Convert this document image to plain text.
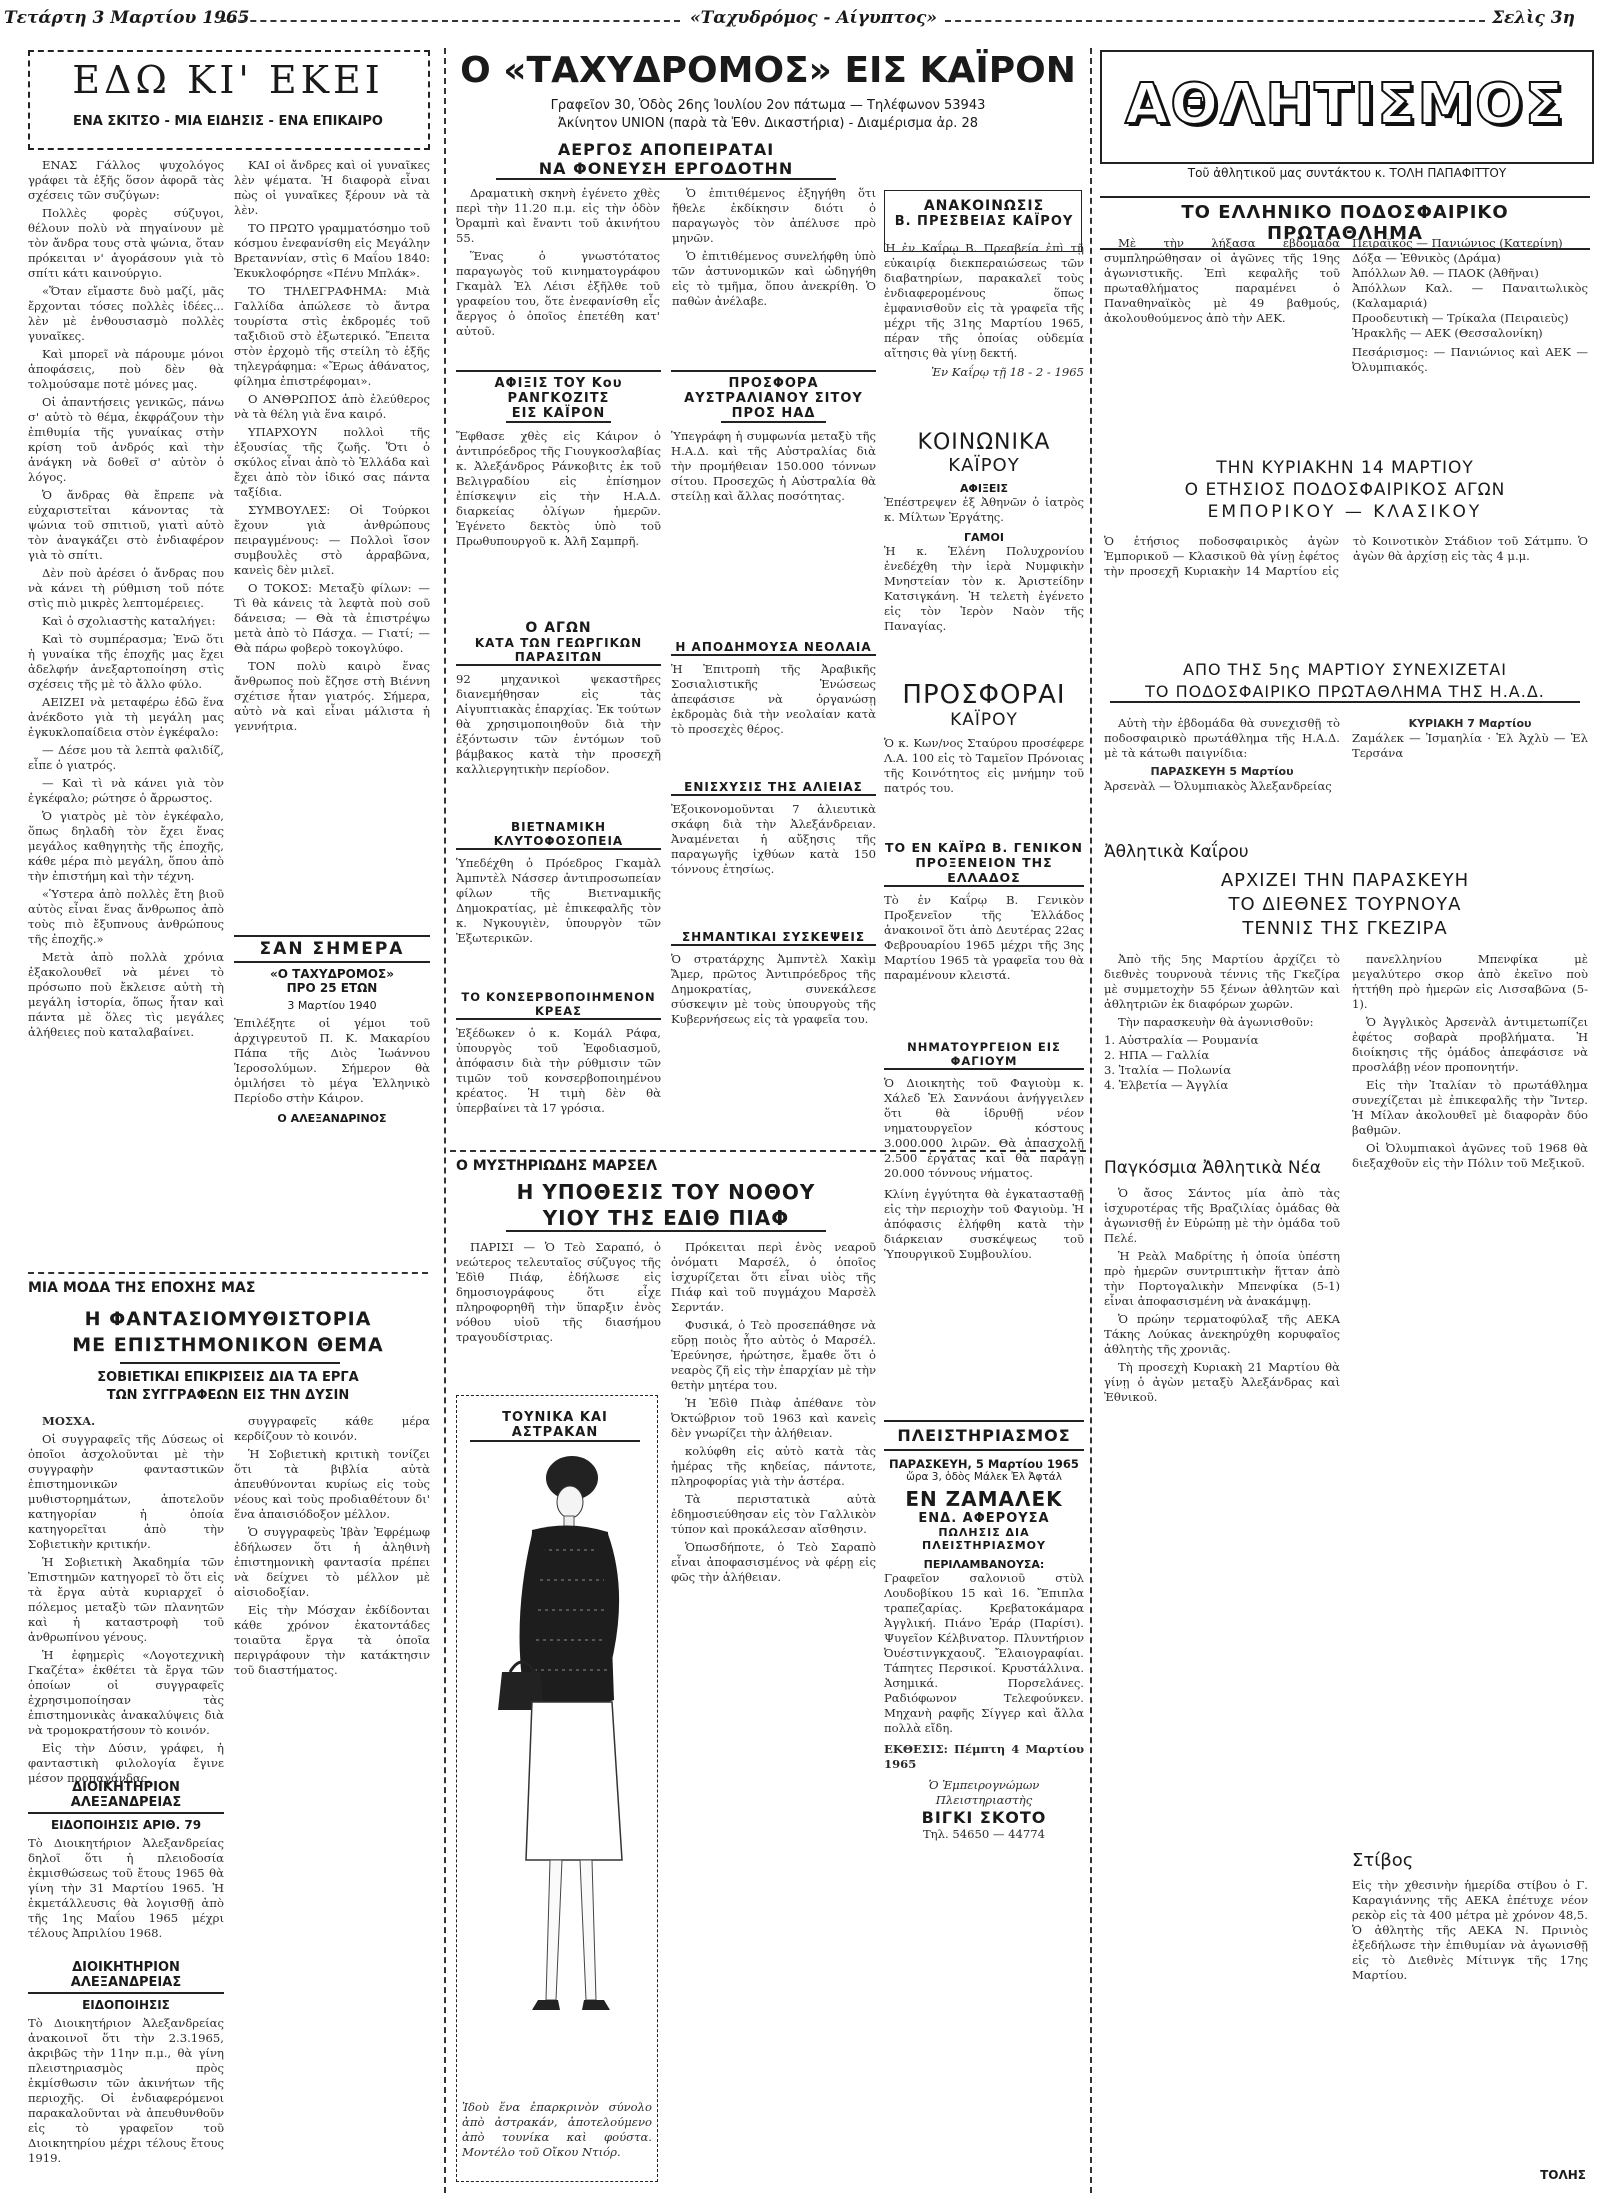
Τετάρτη 3 Μαρτίου 1965	«Ταχυδρόμος - Αίγυπτος»	Σελὶς 3η
ΕΔΩ ΚΙ' ΕΚΕΙ
ΕΝΑ ΣΚΙΤΣΟ - ΜΙΑ ΕΙΔΗΣΙΣ - ΕΝΑ ΕΠΙΚΑΙΡΟ

ΕΝΑΣ Γάλλος ψυχολόγος γράφει τὰ ἑξῆς ὅσον ἀφορᾶ τὰς σχέσεις τῶν συζύγων:

Πολλὲς φορὲς σύζυγοι, θέλουν πολὺ νὰ πηγαίνουν μὲ τὸν ἄνδρα τους στὰ ψώνια, ὅταν πρόκειται ν' ἀγοράσουν γιὰ τὸ σπίτι κάτι καινούργιο.

«Ὅταν εἴμαστε δυὸ μαζί, μᾶς ἔρχονται τόσες πολλὲς ἰδέες... λὲν μὲ ἐνθουσιασμὸ πολλὲς γυναῖκες.

Καὶ μπορεῖ νὰ πάρουμε μόνοι ἀποφάσεις, ποὺ δὲν θὰ τολμούσαμε ποτὲ μόνες μας.

Οἱ ἀπαντήσεις γενικῶς, πάνω σ' αὐτὸ τὸ θέμα, ἐκφράζουν τὴν ἐπιθυμία τῆς γυναίκας στὴν κρίση τοῦ ἀνδρός καὶ τὴν ἀνάγκη νὰ δοθεῖ σ' αὐτὸν ὁ λόγος.

Ὁ ἄνδρας θὰ ἔπρεπε νὰ εὐχαριστεῖται κάνοντας τὰ ψώνια τοῦ σπιτιοῦ, γιατὶ αὐτὸ τὸν ἀναγκάζει στὸ ἐνδιαφέρον γιὰ τὸ σπίτι.

Δὲν ποὺ ἀρέσει ὁ ἄνδρας που νὰ κάνει τὴ ρύθμιση τοῦ πότε στὶς πιὸ μικρὲς λεπτομέρειες.

Καὶ ὁ σχολιαστὴς καταλήγει:

Καὶ τὸ συμπέρασμα; Ἐνῶ ὅτι ἡ γυναίκα τῆς ἐποχῆς μας ἔχει ἀδελφήν ἀνεξαρτοποίηση στὶς σχέσεις τῆς μὲ τὸ ἄλλο φύλο.

ΑΕΙΖΕΙ νὰ μεταφέρω ἐδῶ ἕνα ἀνέκδοτο γιὰ τὴ μεγάλη μας ἐγκυκλοπαίδεια στὸν ἐγκέφαλο:

— Δέσε μου τὰ λεπτὰ φαλιδίζ, εἶπε ὁ γιατρός.

— Καὶ τὶ νὰ κάνει γιὰ τὸν ἐγκέφαλο; ρώτησε ὁ ἄρρωστος.

Ὁ γιατρὸς μὲ τὸν ἐγκέφαλο, ὅπως δηλαδὴ τὸν ἔχει ἕνας μεγάλος καθηγητὴς τῆς ἐποχῆς, κάθε μέρα πιὸ μεγάλη, ὅπου ἀπὸ τὴν ἐπιστήμη καὶ τὴν τέχνη.

«Ὑστερα ἀπὸ πολλὲς ἔτη βιοῦ αὐτὸς εἶναι ἕνας ἄνθρωπος ἀπὸ τοὺς πιὸ ἔξυπνους ἀνθρώπους τῆς ἐποχῆς.»

Μετὰ ἀπὸ πολλὰ χρόνια ἐξακολουθεῖ νὰ μένει τὸ πρόσωπο ποὺ ἔκλεισε αὐτὴ τὴ μεγάλη ἱστορία, ὅπως ἦταν καὶ πάντα μὲ ὅλες τὶς μεγάλες ἀλήθειες ποὺ καταλαβαίνει.

ΚΑΙ οἱ ἄνδρες καὶ οἱ γυναῖκες λὲν ψέματα. Ἡ διαφορὰ εἶναι πὼς οἱ γυναῖκες ξέρουν νὰ τὰ λὲν.

ΤΟ ΠΡΩΤΟ γραμματόσημο τοῦ κόσμου ἐνεφανίσθη εἰς Μεγάλην Βρεταννίαν, στὶς 6 Μαΐου 1840: Ἐκυκλοφόρησε «Πένυ Μπλάκ».

ΤΟ ΤΗΛΕΓΡΑΦΗΜΑ: Μιὰ Γαλλίδα ἀπώλεσε τὸ ἄντρα τουρίστα στὶς ἐκδρομές τοῦ ταξιδιοῦ στὸ ἐξωτερικό. Ἔπειτα στὸν ἐρχομὸ τῆς στείλη τὸ ἑξῆς τηλεγράφημα: «Ἔρως ἀθάνατος, φίλημα ἐπιστρέφομαι».

Ο ΑΝΘΡΩΠΟΣ ἀπὸ ἐλεύθερος νὰ τὰ θέλη γιὰ ἕνα καιρό.

ΥΠΑΡΧΟΥΝ πολλοὶ τῆς ἐξουσίας τῆς ζωῆς. Ὅτι ὁ σκύλος εἶναι ἀπὸ τὸ Ἑλλάδα καὶ ἔχει ἀπὸ τὸν ἰδικό σας πάντα ταξίδια.

ΣΥΜΒΟΥΛΕΣ: Οἱ Τούρκοι ἔχουν γιὰ ἀνθρώπους πειραγμένους: — Πολλοὶ ἴσον συμβουλὲς στὸ ἀρραβῶνα, κανεὶς δὲν μιλεῖ.

Ο ΤΟΚΟΣ: Μεταξὺ φίλων: — Τὶ θὰ κάνεις τὰ λεφτὰ ποὺ σοῦ δάνεισα; — Θὰ τὰ ἐπιστρέψω μετὰ ἀπὸ τὸ Πάσχα. — Γιατί; — Θὰ πάρω φοβερὸ τοκογλύφο.

ΤΟΝ πολὺ καιρὸ ἕνας ἄνθρωπος ποὺ ἔζησε στὴ Βιέννη σχέτισε ἦταν γιατρός. Σήμερα, αὐτὸ νὰ καὶ εἶναι μάλιστα ἡ γεννήτρια.

ΣΑΝ ΣΗΜΕΡΑ
«Ο ΤΑΧΥΔΡΟΜΟΣ»
ΠΡΟ 25 ΕΤΩΝ
3 Μαρτίου 1940
Ἐπιλέξητε οἱ γέμοι τοῦ ἀρχιγρευτοῦ Π. Κ. Μακαρίου Πάπα τῆς Διὸς Ἰωάννου Ἱεροσολύμων. Σήμερον θὰ ὁμιλήσει τὸ μέγα Ἑλληνικὸ Περίοδο στὴν Κάιρον.
Ο ΑΛΕΞΑΝΔΡΙΝΟΣ
ΜΙΑ ΜΟΔΑ ΤΗΣ ΕΠΟΧΗΣ ΜΑΣ
Η ΦΑΝΤΑΣΙΟΜΥΘΙΣΤΟΡΙΑ
ΜΕ ΕΠΙΣΤΗΜΟΝΙΚΟΝ ΘΕΜΑ
ΣΟΒΙΕΤΙΚΑΙ ΕΠΙΚΡΙΣΕΙΣ ΔΙΑ ΤΑ ΕΡΓΑ
ΤΩΝ ΣΥΓΓΡΑΦΕΩΝ ΕΙΣ ΤΗΝ ΔΥΣΙΝ

ΜΟΣΧΑ.

Οἱ συγγραφεῖς τῆς Δύσεως οἱ ὁποῖοι ἀσχολοῦνται μὲ τὴν συγγραφὴν φανταστικῶν ἐπιστημονικῶν μυθιστορημάτων, ἀποτελοῦν κατηγορίαν ἡ ὁποία κατηγορεῖται ἀπὸ τὴν Σοβιετικὴν κριτικήν.

Ἡ Σοβιετικὴ Ἀκαδημία τῶν Ἐπιστημῶν κατηγορεῖ τὸ ὅτι εἰς τὰ ἔργα αὐτὰ κυριαρχεῖ ὁ πόλεμος μεταξὺ τῶν πλανητῶν καὶ ἡ καταστροφὴ τοῦ ἀνθρωπίνου γένους.

Ἡ ἐφημερὶς «Λογοτεχνικὴ Γκαζέτα» ἐκθέτει τὰ ἔργα τῶν ὁποίων οἱ συγγραφεῖς ἐχρησιμοποίησαν τὰς ἐπιστημονικὰς ἀνακαλύψεις διὰ νὰ τρομοκρατήσουν τὸ κοινόν.

Εἰς τὴν Δύσιν, γράφει, ἡ φανταστικὴ φιλολογία ἔγινε μέσον προπαγάνδας.

συγγραφεῖς κάθε μέρα κερδίζουν τὸ κοινόν.

Ἡ Σοβιετικὴ κριτικὴ τονίζει ὅτι τὰ βιβλία αὐτὰ ἀπευθύνονται κυρίως εἰς τοὺς νέους καὶ τοὺς προδιαθέτουν δι' ἕνα ἀπαισιόδοξον μέλλον.

Ὁ συγγραφεὺς Ἰβὰν Ἐφρέμωφ ἐδήλωσεν ὅτι ἡ ἀληθινὴ ἐπιστημονικὴ φαντασία πρέπει νὰ δείχνει τὸ μέλλον μὲ αἰσιοδοξίαν.

Εἰς τὴν Μόσχαν ἐκδίδονται κάθε χρόνον ἑκατοντάδες τοιαῦτα ἔργα τὰ ὁποῖα περιγράφουν τὴν κατάκτησιν τοῦ διαστήματος.

ΔΙΟΙΚΗΤΗΡΙΟΝ ΑΛΕΞΑΝΔΡΕΙΑΣ
ΕΙΔΟΠΟΙΗΣΙΣ ΑΡΙΘ. 79
Τὸ Διοικητήριον Ἀλεξανδρείας δηλοῖ ὅτι ἡ πλειοδοσία ἐκμισθώσεως τοῦ ἔτους 1965 θὰ γίνη τὴν 31 Μαρτίου 1965. Ἡ ἐκμετάλλευσις θὰ λογισθῇ ἀπὸ τῆς 1ης Μαΐου 1965 μέχρι τέλους Ἀπριλίου 1968.
ΔΙΟΙΚΗΤΗΡΙΟΝ ΑΛΕΞΑΝΔΡΕΙΑΣ
ΕΙΔΟΠΟΙΗΣΙΣ
Τὸ Διοικητήριον Ἀλεξανδρείας ἀνακοινοῖ ὅτι τὴν 2.3.1965, ἀκριβῶς τὴν 11ην π.μ., θὰ γίνη πλειστηριασμὸς πρὸς ἐκμίσθωσιν τῶν ἀκινήτων τῆς περιοχῆς. Οἱ ἐνδιαφερόμενοι παρακαλοῦνται νὰ ἀπευθυνθοῦν εἰς τὸ γραφεῖον τοῦ Διοικητηρίου μέχρι τέλους ἔτους 1919.
Ο «ΤΑΧΥΔΡΟΜΟΣ» ΕΙΣ ΚΑΪΡΟΝ
Γραφεῖον 30, Ὁδὸς 26ης Ἰουλίου 2ον πάτωμα — Τηλέφωνον 53943
Ἀκίνητον UNION (παρὰ τὰ Ἐθν. Δικαστήρια) - Διαμέρισμα ἀρ. 28
ΑΕΡΓΟΣ ΑΠΟΠΕΙΡΑΤΑΙ
ΝΑ ΦΟΝΕΥΣΗ ΕΡΓΟΔΟΤΗΝ

Δραματικὴ σκηνὴ ἐγένετο χθὲς περὶ τὴν 11.20 π.μ. εἰς τὴν ὁδὸν Ὀραμπὶ καὶ ἔναντι τοῦ ἀκινήτου 55.

Ἕνας ὁ γνωστότατος παραγωγὸς τοῦ κινηματογράφου Γκαμὰλ Ἐλ Λέισι ἐξῆλθε τοῦ γραφείου του, ὅτε ἐνεφανίσθη εἷς ἄεργος ὁ ὁποῖος ἐπετέθη κατ' αὐτοῦ.

Ὁ ἐπιτιθέμενος ἐξηγήθη ὅτι ἤθελε ἐκδίκησιν διότι ὁ παραγωγὸς τὸν ἀπέλυσε πρὸ μηνῶν.

Ὁ ἐπιτιθέμενος συνελήφθη ὑπὸ τῶν ἀστυνομικῶν καὶ ὡδηγήθη εἰς τὸ τμῆμα, ὅπου ἀνεκρίθη. Ὁ παθὼν ἀνέλαβε.

ΑΦΙΞΙΣ ΤΟΥ Κου ΡΑΝΓΚΟΖΙΤΣ
ΕΙΣ ΚΑΪΡΟΝ
Ἔφθασε χθὲς εἰς Κάιρον ὁ ἀντιπρόεδρος τῆς Γιουγκοσλαβίας κ. Ἀλεξάνδρος Ράνκοβιτς ἐκ τοῦ Βελιγραδίου εἰς ἐπίσημον ἐπίσκεψιν εἰς τὴν Η.Α.Δ. διαρκείας ὀλίγων ἡμερῶν. Ἐγένετο δεκτὸς ὑπὸ τοῦ Πρωθυπουργοῦ κ. Ἀλῆ Σαμπρῆ.
ΠΡΟΣΦΟΡΑ ΑΥΣΤΡΑΛΙΑΝΟΥ ΣΙΤΟΥ
ΠΡΟΣ ΗΑΔ
Ὑπεγράφη ἡ συμφωνία μεταξὺ τῆς Η.Α.Δ. καὶ τῆς Αὐστραλίας διὰ τὴν προμήθειαν 150.000 τόννων σίτου. Προσεχῶς ἡ Αὐστραλία θὰ στείλῃ καὶ ἄλλας ποσότητας.
Ο ΑΓΩΝ
ΚΑΤΑ ΤΩΝ ΓΕΩΡΓΙΚΩΝ ΠΑΡΑΣΙΤΩΝ
92 μηχανικοὶ ψεκαστῆρες διανεμήθησαν εἰς τὰς Αἰγυπτιακὰς ἐπαρχίας. Ἐκ τούτων θὰ χρησιμοποιηθοῦν διὰ τὴν ἐξόντωσιν τῶν ἐντόμων τοῦ βάμβακος κατὰ τὴν προσεχῆ καλλιεργητικὴν περίοδον.
Η ΑΠΟΔΗΜΟΥΣΑ ΝΕΟΛΑΙΑ
Ἡ Ἐπιτροπὴ τῆς Ἀραβικῆς Σοσιαλιστικῆς Ἑνώσεως ἀπεφάσισε νὰ ὀργανώσῃ ἐκδρομὰς διὰ τὴν νεολαίαν κατὰ τὸ προσεχὲς θέρος.
ΒΙΕΤΝΑΜΙΚΗ ΚΛΥΤΟΦΟΣΟΠΕΙΑ
Ὑπεδέχθη ὁ Πρόεδρος Γκαμὰλ Ἀμπντὲλ Νάσσερ ἀντιπροσωπείαν φίλων τῆς Βιετναμικῆς Δημοκρατίας, μὲ ἐπικεφαλῆς τὸν κ. Νγκουγιὲν, ὑπουργὸν τῶν Ἐξωτερικῶν.
ΕΝΙΣΧΥΣΙΣ ΤΗΣ ΑΛΙΕΙΑΣ
Ἐξοικονομοῦνται 7 ἁλιευτικὰ σκάφη διὰ τὴν Ἀλεξάνδρειαν. Ἀναμένεται ἡ αὔξησις τῆς παραγωγῆς ἰχθύων κατὰ 150 τόννους ἐτησίως.
ΤΟ ΚΟΝΣΕΡΒΟΠΟΙΗΜΕΝΟΝ ΚΡΕΑΣ
Ἐξέδωκεν ὁ κ. Κομάλ Ράφα, ὑπουργὸς τοῦ Ἐφοδιασμοῦ, ἀπόφασιν διὰ τὴν ρύθμισιν τῶν τιμῶν τοῦ κονσερβοποιημένου κρέατος. Ἡ τιμὴ δὲν θὰ ὑπερβαίνει τὰ 17 γρόσια.
ΣΗΜΑΝΤΙΚΑΙ ΣΥΣΚΕΨΕΙΣ
Ὁ στρατάρχης Ἀμπντὲλ Χακὶμ Ἄμερ, πρῶτος Ἀντιπρόεδρος τῆς Δημοκρατίας, συνεκάλεσε σύσκεψιν μὲ τοὺς ὑπουργοὺς τῆς Κυβερνήσεως εἰς τὰ γραφεῖα του.
Ο ΜΥΣΤΗΡΙΩΔΗΣ ΜΑΡΣΕΛ
Η ΥΠΟΘΕΣΙΣ ΤΟΥ ΝΟΘΟΥ
ΥΙΟΥ ΤΗΣ ΕΔΙΘ ΠΙΑΦ

ΠΑΡΙΣΙ — Ὁ Τεὸ Σαραπό, ὁ νεώτερος τελευταῖος σύζυγος τῆς Ἐδὶθ Πιάφ, ἐδήλωσε εἰς δημοσιογράφους ὅτι εἶχε πληροφορηθῆ τὴν ὕπαρξιν ἐνὸς νόθου υἱοῦ τῆς διασήμου τραγουδίστριας.

Πρόκειται περὶ ἑνὸς νεαροῦ ὀνόματι Μαρσέλ, ὁ ὁποῖος ἰσχυρίζεται ὅτι εἶναι υἱὸς τῆς Πιάφ καὶ τοῦ πυγμάχου Μαρσὲλ Σερντάν.

Φυσικά, ὁ Τεὸ προσεπάθησε νὰ εὕρῃ ποιὸς ἦτο αὐτὸς ὁ Μαρσέλ. Ἐρεύνησε, ἠρώτησε, ἔμαθε ὅτι ὁ νεαρὸς ζῆ εἰς τὴν ἐπαρχίαν μὲ τὴν θετὴν μητέρα του.

Ἡ Ἐδὶθ Πιὰφ ἀπέθανε τὸν Ὀκτώβριον τοῦ 1963 καὶ κανεὶς δὲν γνωρίζει τὴν ἀλήθειαν.

κολύφθη εἰς αὐτὸ κατὰ τὰς ἡμέρας τῆς κηδείας, πάντοτε, πληροφορίας γιὰ τὴν ἀστέρα.

Τὰ περιστατικὰ αὐτὰ ἐδημοσιεύθησαν εἰς τὸν Γαλλικὸν τύπον καὶ προκάλεσαν αἴσθησιν.

Ὁπωσδήποτε, ὁ Τεὸ Σαραπὸ εἶναι ἀποφασισμένος νὰ φέρῃ εἰς φῶς τὴν ἀλήθειαν.

ΤΟΥΝΙΚΑ ΚΑΙ ΑΣΤΡΑΚΑΝ
Ἰδοὺ ἕνα ἐπαρκρινὸν σύνολο ἀπὸ ἀστρακάν, ἀποτελούμενο ἀπὸ τουνίκα καὶ φούστα. Μοντέλο τοῦ Οἴκου Ντιόρ.
ΑΝΑΚΟΙΝΩΣΙΣ
Β. ΠΡΕΣΒΕΙΑΣ ΚΑΪΡΟΥ
Ἡ ἐν Καΐρῳ Β. Πρεσβεία ἐπὶ τῇ εὐκαιρίᾳ διεκπεραιώσεως τῶν διαβατηρίων, παρακαλεῖ τοὺς ἐνδιαφερομένους ὅπως ἐμφανισθοῦν εἰς τὰ γραφεῖα τῆς μέχρι τῆς 31ης Μαρτίου 1965, πέραν τῆς ὁποίας οὐδεμία αἴτησις θὰ γίνῃ δεκτή.
Ἐν Καΐρῳ τῇ 18 - 2 - 1965
ΚΟΙΝΩΝΙΚΑ
ΚΑΪΡΟΥ
ΑΦΙΞΕΙΣ
Ἐπέστρεψεν ἐξ Ἀθηνῶν ὁ ἰατρὸς κ. Μίλτων Ἐργάτης.
ΓΑΜΟΙ
Ἡ κ. Ἑλένη Πολυχρονίου ἐνεδέχθη τὴν ἱερὰ Νυμφικὴν Μνηστείαν τὸν κ. Ἀριστείδην Κατσιγκάνη. Ἡ τελετὴ ἐγένετο εἰς τὸν Ἱερὸν Ναὸν τῆς Παναγίας.
ΠΡΟΣΦΟΡΑΙ
ΚΑΪΡΟΥ
Ὁ κ. Κων/νος Σταύρου προσέφερε Λ.Α. 100 εἰς τὸ Ταμεῖον Πρόνοιας τῆς Κοινότητος εἰς μνήμην τοῦ πατρός του.
ΤΟ ΕΝ ΚΑΪΡΩ Β. ΓΕΝΙΚΟΝ
ΠΡΟΞΕΝΕΙΟΝ ΤΗΣ ΕΛΛΑΔΟΣ
Τὸ ἐν Καΐρῳ Β. Γενικὸν Προξενεῖον τῆς Ἑλλάδος ἀνακοινοῖ ὅτι ἀπὸ Δευτέρας 22ας Φεβρουαρίου 1965 μέχρι τῆς 3ης Μαρτίου 1965 τὰ γραφεῖα του θὰ παραμένουν κλειστά.
ΝΗΜΑΤΟΥΡΓΕΙΟΝ ΕΙΣ ΦΑΓΙΟΥΜ
Ὁ Διοικητὴς τοῦ Φαγιοὺμ κ. Χάλεδ Ἐλ Σαννάουι ἀνήγγειλεν ὅτι θὰ ἱδρυθῇ νέον νηματουργεῖον κόστους 3.000.000 λιρῶν. Θὰ ἀπασχολῇ 2.500 ἐργάτας καὶ θὰ παράγῃ 20.000 τόννους νήματος.
Κλίνη ἐγγύτητα θὰ ἐγκατασταθῇ εἰς τὴν περιοχὴν τοῦ Φαγιοὺμ. Ἡ ἀπόφασις ἐλήφθη κατὰ τὴν διάρκειαν συσκέψεως τοῦ Ὑπουργικοῦ Συμβουλίου.
ΠΛΕΙΣΤΗΡΙΑΣΜΟΣ
ΠΑΡΑΣΚΕΥΗ, 5 Μαρτίου 1965
ὥρα 3, ὁδὸς Μάλεκ Ἐλ Ἀφτάλ
ΕΝ ΖΑΜΑΛΕΚ
ΕΝΔ. ΑΦΕΡΟΥΣΑ
ΠΩΛΗΣΙΣ ΔΙΑ ΠΛΕΙΣΤΗΡΙΑΣΜΟΥ
ΠΕΡΙΛΑΜΒΑΝΟΥΣΑ:
Γραφεῖον σαλονιοῦ στὺλ Λουδοβίκου 15 καὶ 16. Ἔπιπλα τραπεζαρίας. Κρεβατοκάμαρα Ἀγγλική. Πιάνο Ἐράρ (Παρίσι). Ψυγεῖον Κέλβινατορ. Πλυντήριον Ὀυέστινγκχαουζ. Ἔλαιογραφίαι. Τάπητες Περσικοί. Κρυστάλλινα. Ἀσημικά. Πορσελάνες. Ραδιόφωνον Τελεφούνκεν. Μηχανὴ ραφῆς Σίγγερ καὶ ἄλλα πολλὰ εἴδη.
ΕΚΘΕΣΙΣ: Πέμπτη 4 Μαρτίου 1965
Ὁ Ἐμπειρογνώμων Πλειστηριαστὴς
ΒΙΓΚΙ ΣΚΟΤΟ
Τηλ. 54650 — 44774
ΑΘΛΗΤΙΣΜΟΣ
Τοῦ ἀθλητικοῦ μας συντάκτου κ. ΤΟΛΗ ΠΑΠΑΦΙΤΤΟΥ
ΤΟ ΕΛΛΗΝΙΚΟ ΠΟΔΟΣΦΑΙΡΙΚΟ ΠΡΩΤΑΘΛΗΜΑ

Μὲ τὴν λήξασα ἑβδομάδα συμπληρώθησαν οἱ ἀγῶνες τῆς 19ης ἀγωνιστικῆς. Ἐπὶ κεφαλῆς τοῦ πρωταθλήματος παραμένει ὁ Παναθηναϊκὸς μὲ 49 βαθμούς, ἀκολουθούμενος ἀπὸ τὴν ΑΕΚ.

Πειραϊκὸς — Πανιώνιος (Κατερίνη)
Δόξα — Ἐθνικὸς (Δράμα)
Ἀπόλλων Ἀθ. — ΠΑΟΚ (Ἀθῆναι)
Ἀπόλλων Καλ. — Παναιτωλικὸς (Καλαμαριά)
Προοδευτικὴ — Τρίκαλα (Πειραιεὺς)
Ἡρακλῆς — ΑΕΚ (Θεσσαλονίκη)
Πεσάρισμος: — Πανιώνιος καὶ ΑΕΚ — Ὀλυμπιακός.
ΤΗΝ ΚΥΡΙΑΚΗΝ 14 ΜΑΡΤΙΟΥ
Ο ΕΤΗΣΙΟΣ ΠΟΔΟΣΦΑΙΡΙΚΟΣ ΑΓΩΝ
ΕΜΠΟΡΙΚΟΥ — ΚΛΑΣΙΚΟΥ
Ὁ ἐτήσιος ποδοσφαιρικὸς ἀγὼν Ἐμπορικοῦ — Κλασικοῦ θὰ γίνῃ ἐφέτος τὴν προσεχῆ Κυριακὴν 14 Μαρτίου εἰς τὸ Κοινοτικὸν Στάδιον τοῦ Σάτμπυ. Ὁ ἀγὼν θὰ ἀρχίσῃ εἰς τὰς 4 μ.μ.
ΑΠΟ ΤΗΣ 5ης ΜΑΡΤΙΟΥ ΣΥΝΕΧΙΖΕΤΑΙ
ΤΟ ΠΟΔΟΣΦΑΙΡΙΚΟ ΠΡΩΤΑΘΛΗΜΑ ΤΗΣ Η.Α.Δ.

Αὐτὴ τὴν ἑβδομάδα θὰ συνεχισθῇ τὸ ποδοσφαιρικὸ πρωτάθλημα τῆς Η.Α.Δ. μὲ τὰ κάτωθι παιγνίδια:

ΠΑΡΑΣΚΕΥΗ 5 Μαρτίου
Ἀρσενὰλ — Ὀλυμπιακὸς Ἀλεξανδρείας
ΚΥΡΙΑΚΗ 7 Μαρτίου
Ζαμάλεκ — Ἰσμαηλία · Ἐλ Ἀχλὺ — Ἐλ Τερσάνα
Ἀθλητικὰ Καΐρου
ΑΡΧΙΖΕΙ ΤΗΝ ΠΑΡΑΣΚΕΥΗ
ΤΟ ΔΙΕΘΝΕΣ ΤΟΥΡΝΟΥΑ
ΤΕΝΝΙΣ ΤΗΣ ΓΚΕΖΙΡΑ

Ἀπὸ τῆς 5ης Μαρτίου ἀρχίζει τὸ διεθνὲς τουρνουὰ τέννις τῆς Γκεζίρα μὲ συμμετοχὴν 55 ξένων ἀθλητῶν καὶ ἀθλητριῶν ἐκ διαφόρων χωρῶν.

Τὴν παρασκευὴν θὰ ἀγωνισθοῦν:

1. Αὐστραλία — Ρουμανία
2. ΗΠΑ — Γαλλία
3. Ἰταλία — Πολωνία
4. Ἑλβετία — Ἀγγλία
Παγκόσμια Ἀθλητικὰ Νέα

Ὁ ἄσος Σάντος μία ἀπὸ τὰς ἰσχυροτέρας τῆς Βραζιλίας ὁμάδας θὰ ἀγωνισθῇ ἐν Εὐρώπῃ μὲ τὴν ὁμάδα τοῦ Πελέ.

Ἡ Ρεὰλ Μαδρίτης ἡ ὁποία ὑπέστη πρὸ ἡμερῶν συντριπτικὴν ἥτταν ἀπὸ τὴν Πορτογαλικὴν Μπενφίκα (5-1) εἶναι ἀποφασισμένη νὰ ἀνακάμψῃ.

Ὁ πρώην τερματοφύλαξ τῆς ΑΕΚΑ Τάκης Λούκας ἀνεκηρύχθη κορυφαῖος ἀθλητὴς τῆς χρονιᾶς.

Τὴ προσεχὴ Κυριακὴ 21 Μαρτίου θὰ γίνῃ ὁ ἀγὼν μεταξὺ Ἀλεξάνδρας καὶ Ἐθνικοῦ.

πανελληνίου Μπενφίκα μὲ μεγαλύτερο σκορ ἀπὸ ἐκεῖνο ποὺ ἡττήθη πρὸ ἡμερῶν εἰς Λισσαβῶνα (5-1).

Ὁ Ἀγγλικὸς Ἀρσενὰλ ἀντιμετωπίζει ἐφέτος σοβαρὰ προβλήματα. Ἡ διοίκησις τῆς ὁμάδος ἀπεφάσισε νὰ προσλάβῃ νέον προπονητήν.

Εἰς τὴν Ἰταλίαν τὸ πρωτάθλημα συνεχίζεται μὲ ἐπικεφαλῆς τὴν Ἴντερ. Ἡ Μίλαν ἀκολουθεῖ μὲ διαφορὰν δύο βαθμῶν.

Οἱ Ὀλυμπιακοὶ ἀγῶνες τοῦ 1968 θὰ διεξαχθοῦν εἰς τὴν Πόλιν τοῦ Μεξικοῦ.

Στίβος
Εἰς τὴν χθεσινὴν ἡμερίδα στίβου ὁ Γ. Καραγιάννης τῆς ΑΕΚΑ ἐπέτυχε νέον ρεκὸρ εἰς τὰ 400 μέτρα μὲ χρόνον 48,5. Ὁ ἀθλητὴς τῆς ΑΕΚΑ Ν. Πρινιὸς ἐξεδήλωσε τὴν ἐπιθυμίαν νὰ ἀγωνισθῇ εἰς τὸ Διεθνὲς Μίτινγκ τῆς 17ης Μαρτίου.
ΤΟΛΗΣ
